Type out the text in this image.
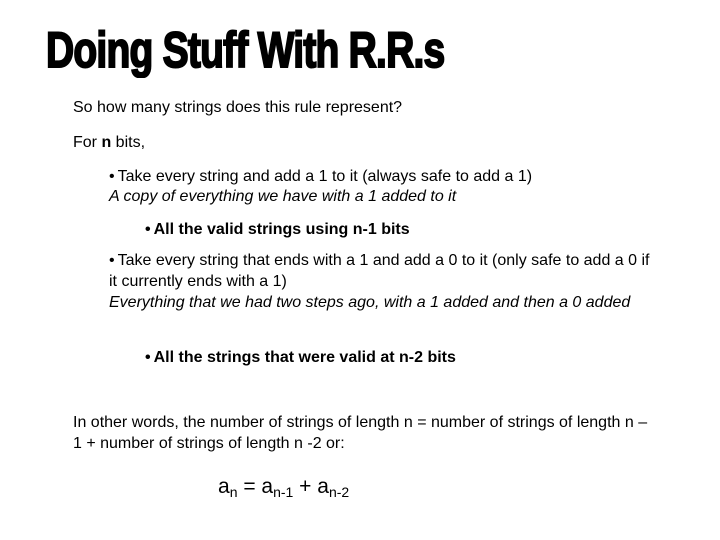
Doing Stuff With R.R.s
So how many strings does this rule represent?
For n bits,
• Take every string and add a 1 to it (always safe to add a 1)
A copy of everything we have with a 1 added to it
• All the valid strings using n-1 bits
• Take every string that ends with a 1 and add a 0 to it (only safe to add a 0 if it currently ends with a 1)
Everything that we had two steps ago, with a 1 added and then a 0 added
• All the strings that were valid at n-2 bits
In other words, the number of strings of length n = number of strings of length n – 1 + number of strings of length n -2 or:
$a_n = a_{n-1} + a_{n-2}$
